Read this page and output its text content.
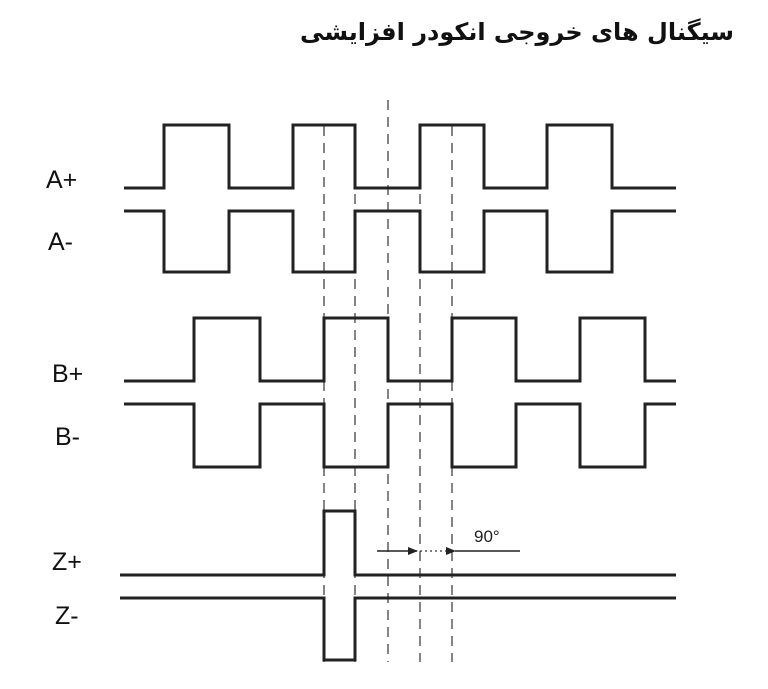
سیگنال های خروجی انکودر افزایشی
A+
A-
B+
B-
Z+
Z-
90°
